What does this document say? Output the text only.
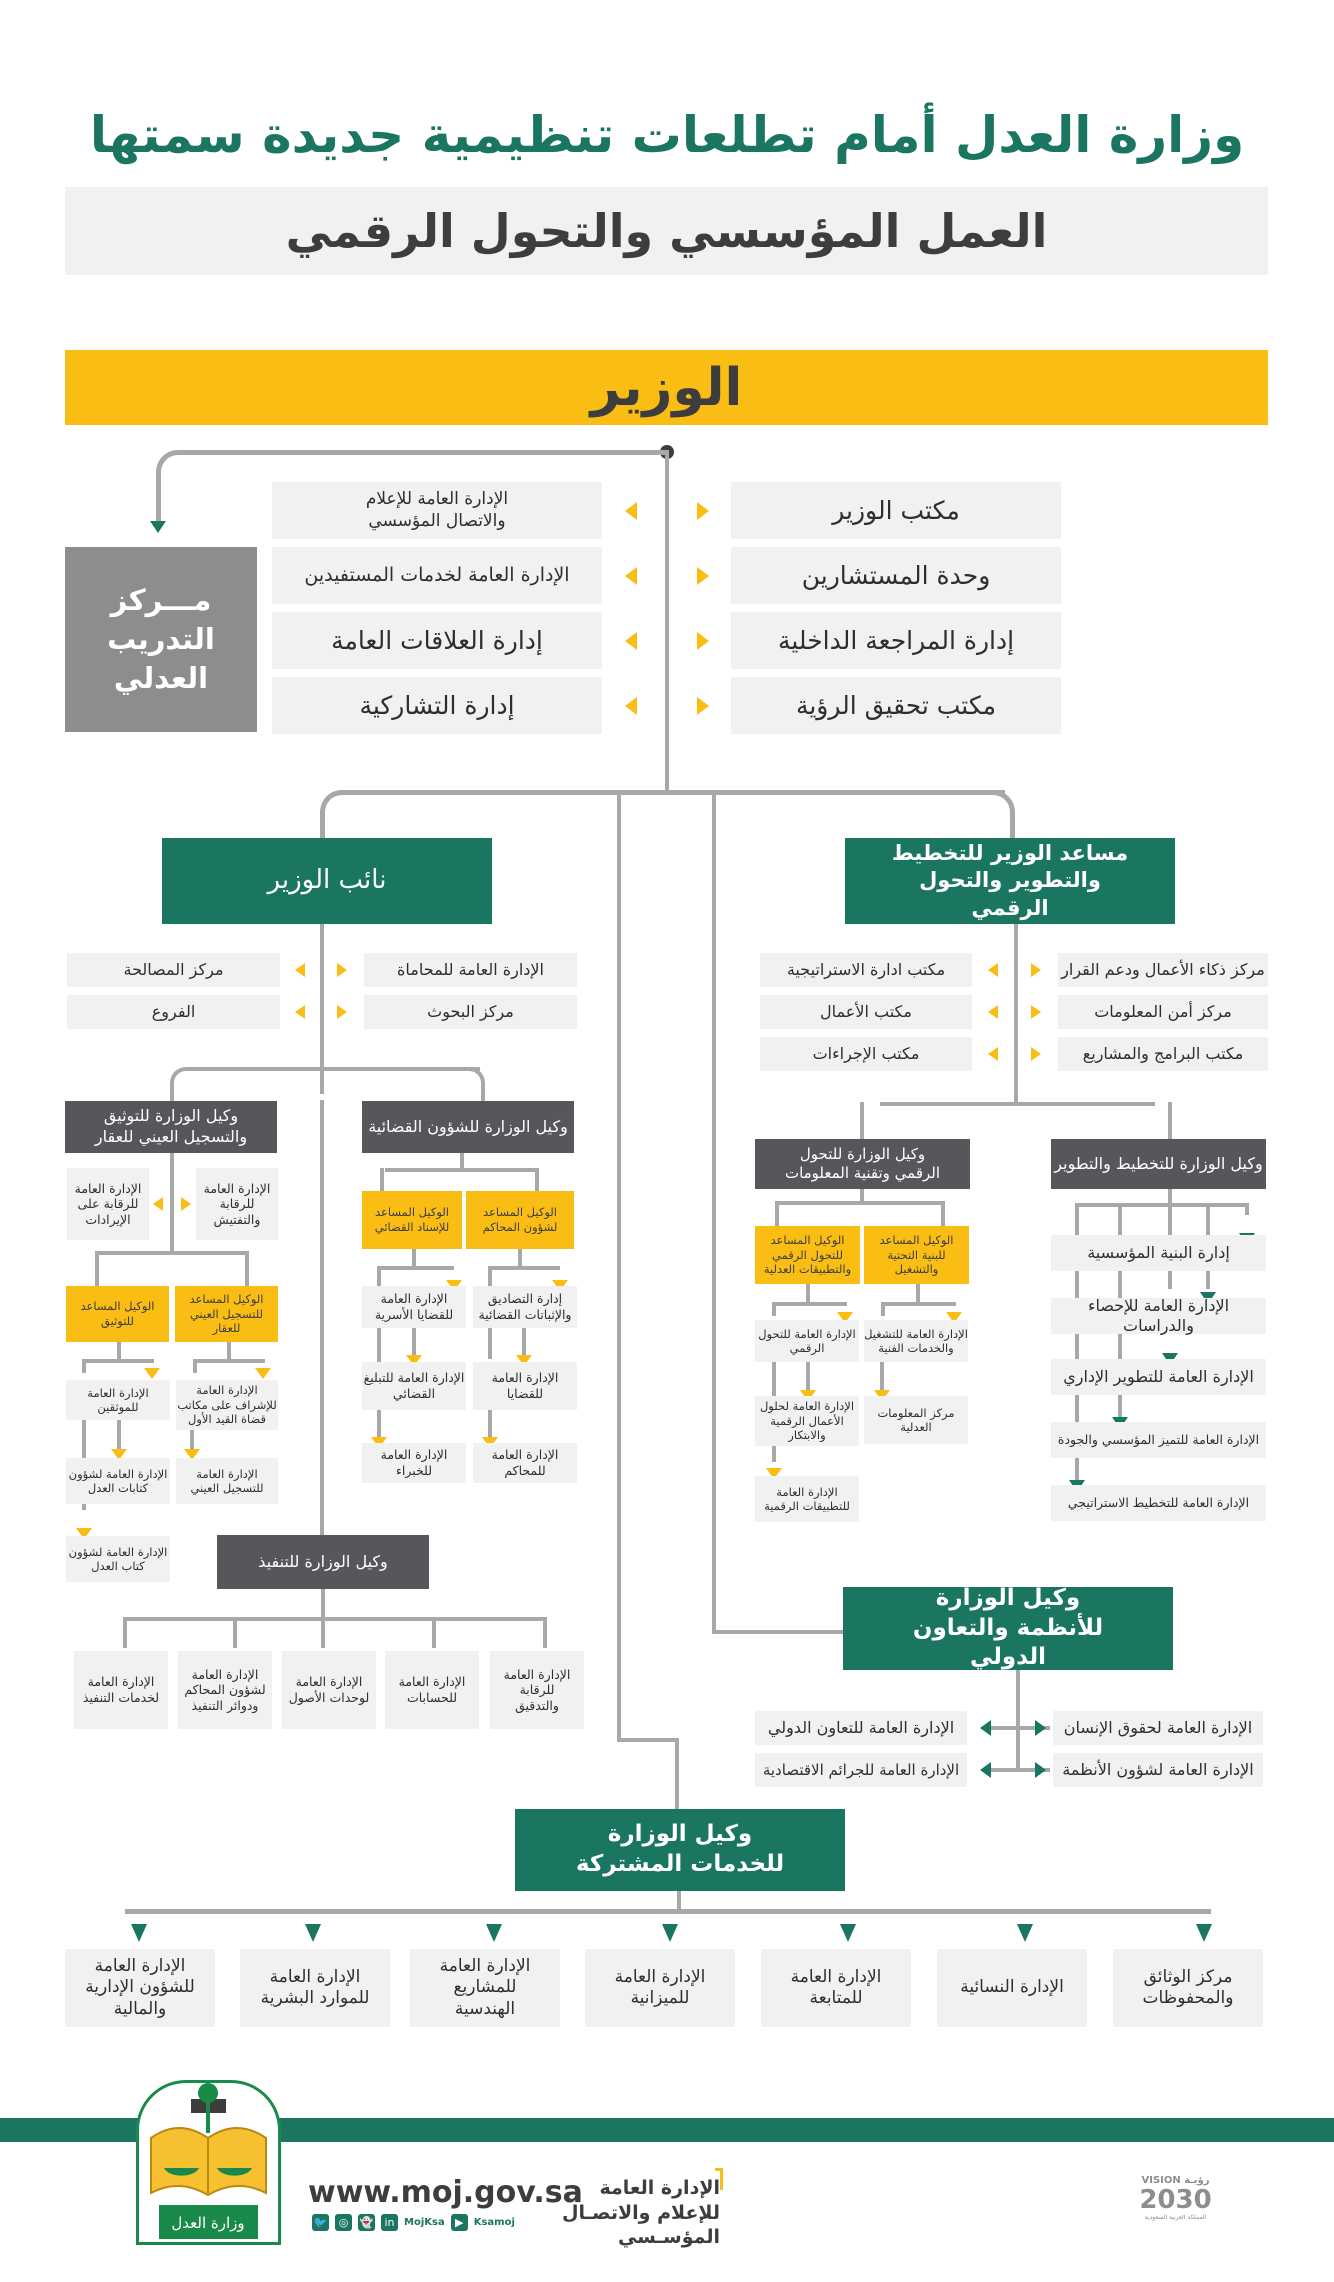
وزارة العدل أمام تطلعات تنظيمية جديدة سمتها
العمل المؤسسي والتحول الرقمي
الوزير
مـــركز التدريب العدلي
مكتب الوزير
وحدة المستشارين
إدارة المراجعة الداخلية
مكتب تحقيق الرؤية
الإدارة العامة للإعلام والاتصال المؤسسي
الإدارة العامة لخدمات المستفيدين
إدارة العلاقات العامة
إدارة التشاركية
نائب الوزير
الإدارة العامة للمحاماة
مركز البحوث
مركز المصالحة
الفروع
وكيل الوزارة للشؤون القضائية
الوكيل المساعد لشؤون المحاكم
الوكيل المساعد للإسناد القضائي
إدارة التصاديق والإثباتات القضائية
الإدارة العامة للقضايا
الإدارة العامة للمحاكم
الإدارة العامة للقضايا الأسرية
الإدارة العامة للتبليغ القضائي
الإدارة العامة للخبراء
وكيل الوزارة للتوثيق والتسجيل العيني للعقار
الإدارة العامة للرقابة والتفتيش
الإدارة العامة للرقابة على الإيرادات
الوكيل المساعد للتسجيل العيني للعقار
الوكيل المساعد للتوثيق
الإدارة العامة للإشراف على مكاتب قضاة القيد الأول
الإدارة العامة للتسجيل العيني
الإدارة العامة للموثقين
الإدارة العامة لشؤون كتابات العدل
الإدارة العامة لشؤون كتاب العدل	وكيل الوزارة للتنفيذ
الإدارة العامة للرقابة والتدقيق
الإدارة العامة للحسابات
الإدارة العامة لوحدات الأصول
الإدارة العامة لشؤون المحاكم ودوائر التنفيذ
الإدارة العامة لخدمات التنفيذ
مساعد الوزير للتخطيط والتطوير والتحول الرقمي
مركز ذكاء الأعمال ودعم القرار
مركز أمن المعلومات
مكتب البرامج والمشاريع
مكتب ادارة الاستراتيجية
مكتب الأعمال
مكتب الإجراءات
وكيل الوزارة للتخطيط والتطوير
إدارة البنية المؤسسية
الإدارة العامة للإحصاء والدراسات
الإدارة العامة للتطوير الإداري
الإدارة العامة للتميز المؤسسي والجودة
الإدارة العامة للتخطيط الاستراتيجي
وكيل الوزارة للتحول الرقمي وتقنية المعلومات
الوكيل المساعد للبنية التحتية والتشغيل
الوكيل المساعد للتحول الرقمي والتطبيقات العدلية
الإدارة العامة للتشغيل والخدمات الفنية
مركز المعلومات العدلية
الإدارة العامة للتحول الرقمي
الإدارة العامة لحلول الأعمال الرقمية والابتكار
الإدارة العامة للتطبيقات الرقمية
وكيل الوزارة للأنظمة والتعاون الدولي
الإدارة العامة لحقوق الإنسان
الإدارة العامة لشؤون الأنظمة
الإدارة العامة للتعاون الدولي
الإدارة العامة للجرائم الاقتصادية
وكيل الوزارة للخدمات المشتركة
مركز الوثائق والمحفوظات
الإدارة النسائية
الإدارة العامة للمتابعة
الإدارة العامة للميزانية
الإدارة العامة للمشاريع الهندسية
الإدارة العامة للموارد البشرية
الإدارة العامة للشؤون الإدارية والمالية
وزارة العدل
www.moj.gov.sa
🐦	◎	👻	in MojKsa ▶	Ksamoj
الإدارة العامة للإعلام والاتصـال المؤسـسي
VISION رؤيـة
2030
المملكة العربية السعودية
